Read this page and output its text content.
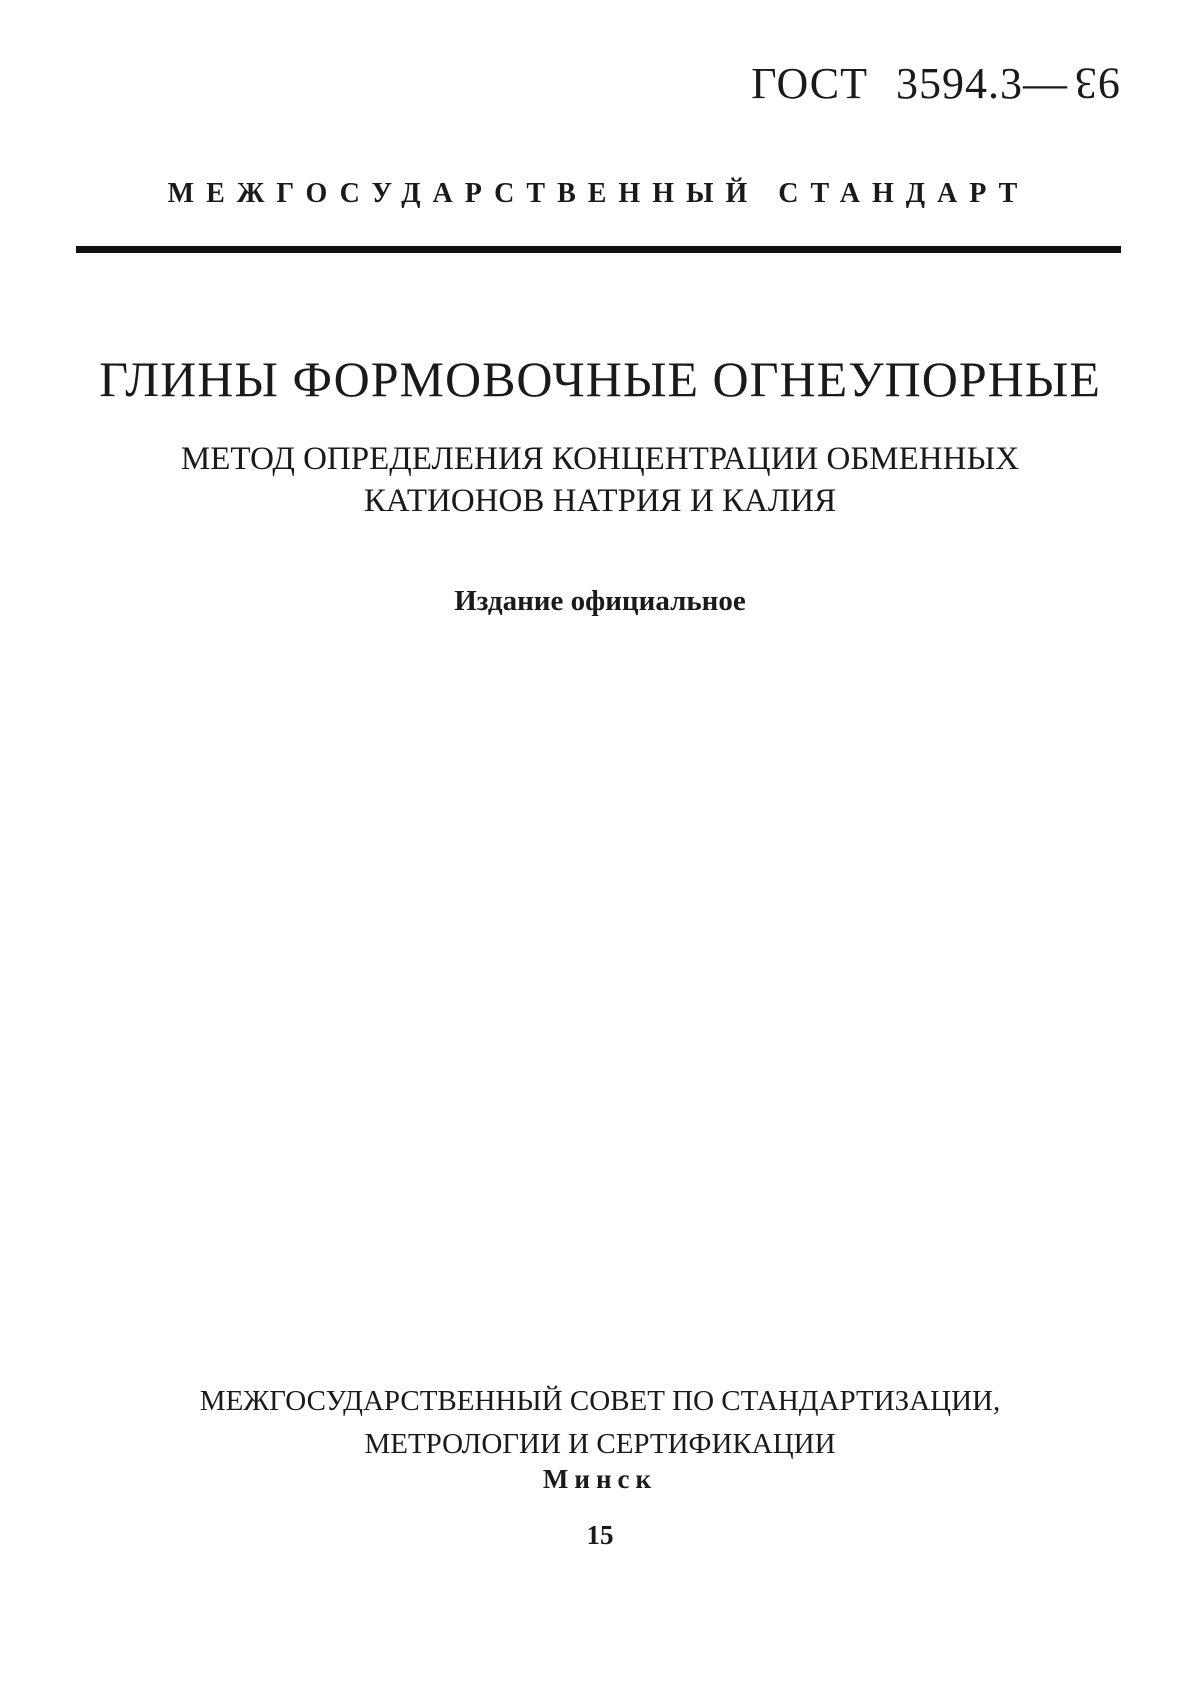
ГОСТ 3594.3— 93
МЕЖГОСУДАРСТВЕННЫЙ СТАНДАРТ
ГЛИНЫ ФОРМОВОЧНЫЕ ОГНЕУПОРНЫЕ
МЕТОД ОПРЕДЕЛЕНИЯ КОНЦЕНТРАЦИИ ОБМЕННЫХ
КАТИОНОВ НАТРИЯ И КАЛИЯ
Издание официальное
МЕЖГОСУДАРСТВЕННЫЙ СОВЕТ ПО СТАНДАРТИЗАЦИИ,
МЕТРОЛОГИИ И СЕРТИФИКАЦИИ
Минск
15
